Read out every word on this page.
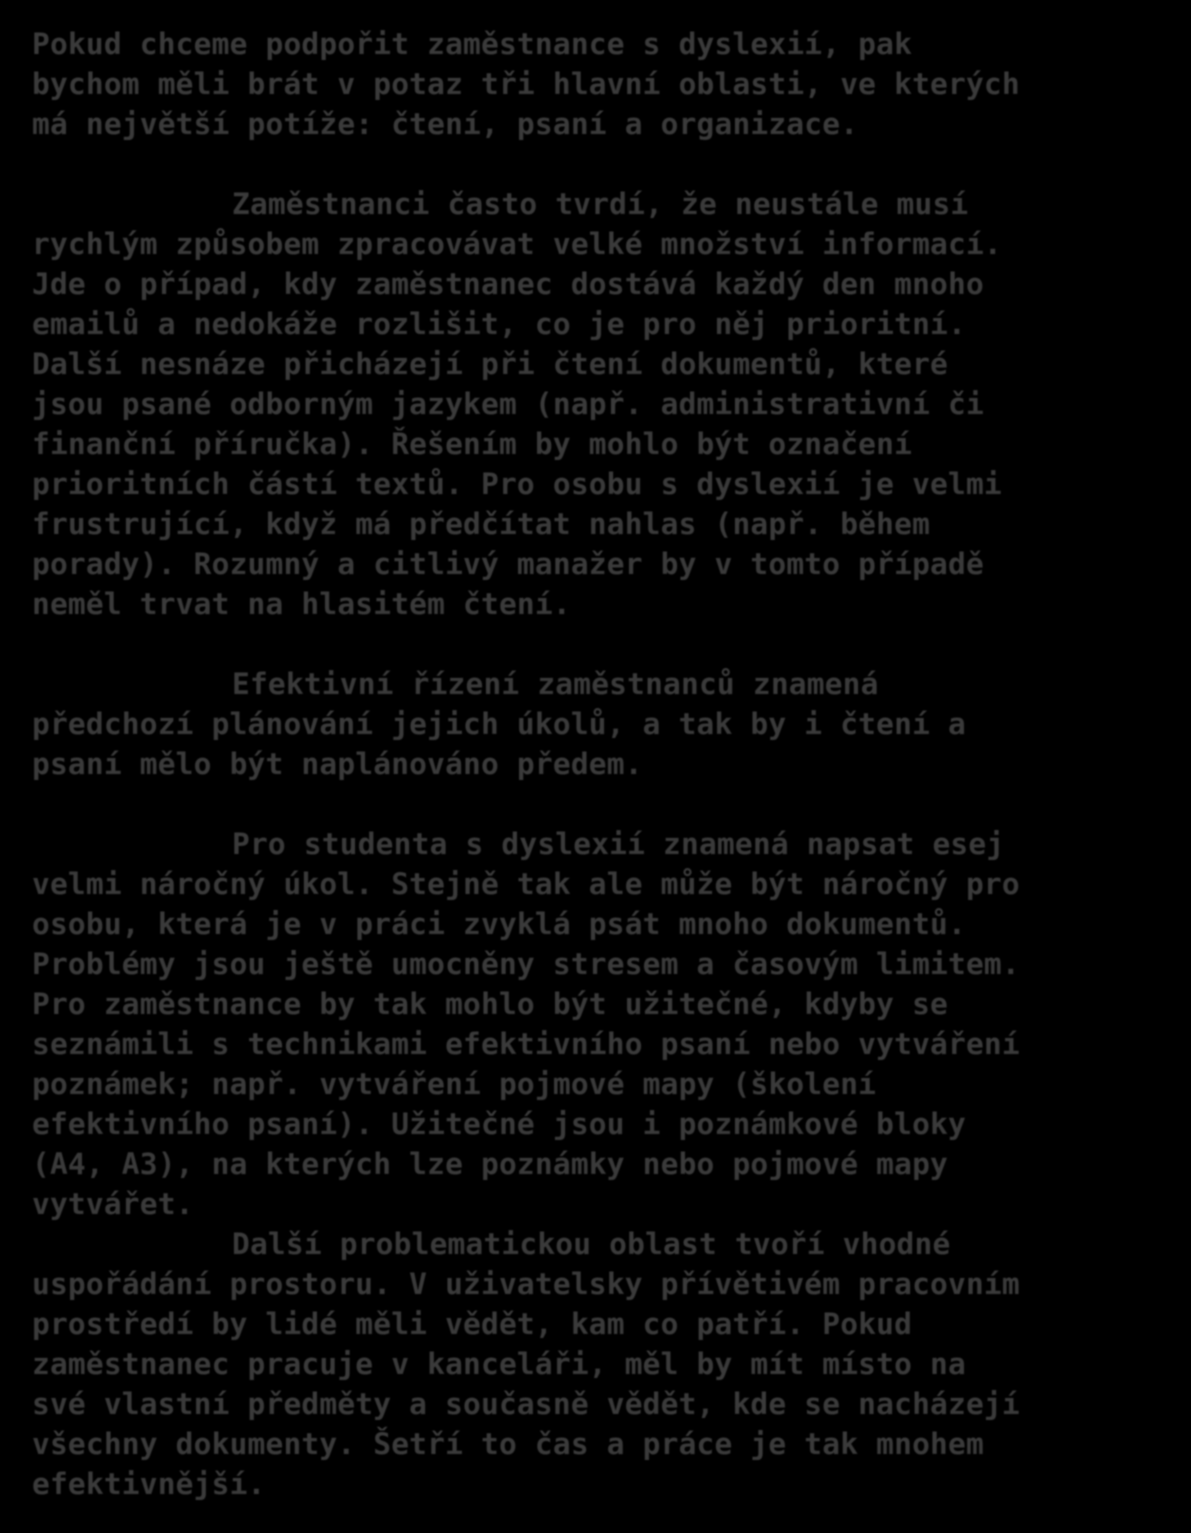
Pokud chceme podpořit zaměstnance s dyslexií, pak
bychom měli brát v potaz tři hlavní oblasti, ve kterých
má největší potíže: čtení, psaní a organizace.
Zaměstnanci často tvrdí, že neustále musí
rychlým způsobem zpracovávat velké množství informací.
Jde o případ, kdy zaměstnanec dostává každý den mnoho
emailů a nedokáže rozlišit, co je pro něj prioritní.
Další nesnáze přicházejí při čtení dokumentů, které
jsou psané odborným jazykem (např. administrativní či
finanční příručka). Řešením by mohlo být označení
prioritních částí textů. Pro osobu s dyslexií je velmi
frustrující, když má předčítat nahlas (např. během
porady). Rozumný a citlivý manažer by v tomto případě
neměl trvat na hlasitém čtení.
Efektivní řízení zaměstnanců znamená
předchozí plánování jejich úkolů, a tak by i čtení a
psaní mělo být naplánováno předem.
Pro studenta s dyslexií znamená napsat esej
velmi náročný úkol. Stejně tak ale může být náročný pro
osobu, která je v práci zvyklá psát mnoho dokumentů.
Problémy jsou ještě umocněny stresem a časovým limitem.
Pro zaměstnance by tak mohlo být užitečné, kdyby se
seznámili s technikami efektivního psaní nebo vytváření
poznámek; např. vytváření pojmové mapy (školení
efektivního psaní). Užitečné jsou i poznámkové bloky
(A4, A3), na kterých lze poznámky nebo pojmové mapy
vytvářet.
Další problematickou oblast tvoří vhodné
uspořádání prostoru. V uživatelsky přívětivém pracovním
prostředí by lidé měli vědět, kam co patří. Pokud
zaměstnanec pracuje v kanceláři, měl by mít místo na
své vlastní předměty a současně vědět, kde se nacházejí
všechny dokumenty. Šetří to čas a práce je tak mnohem
efektivnější.
